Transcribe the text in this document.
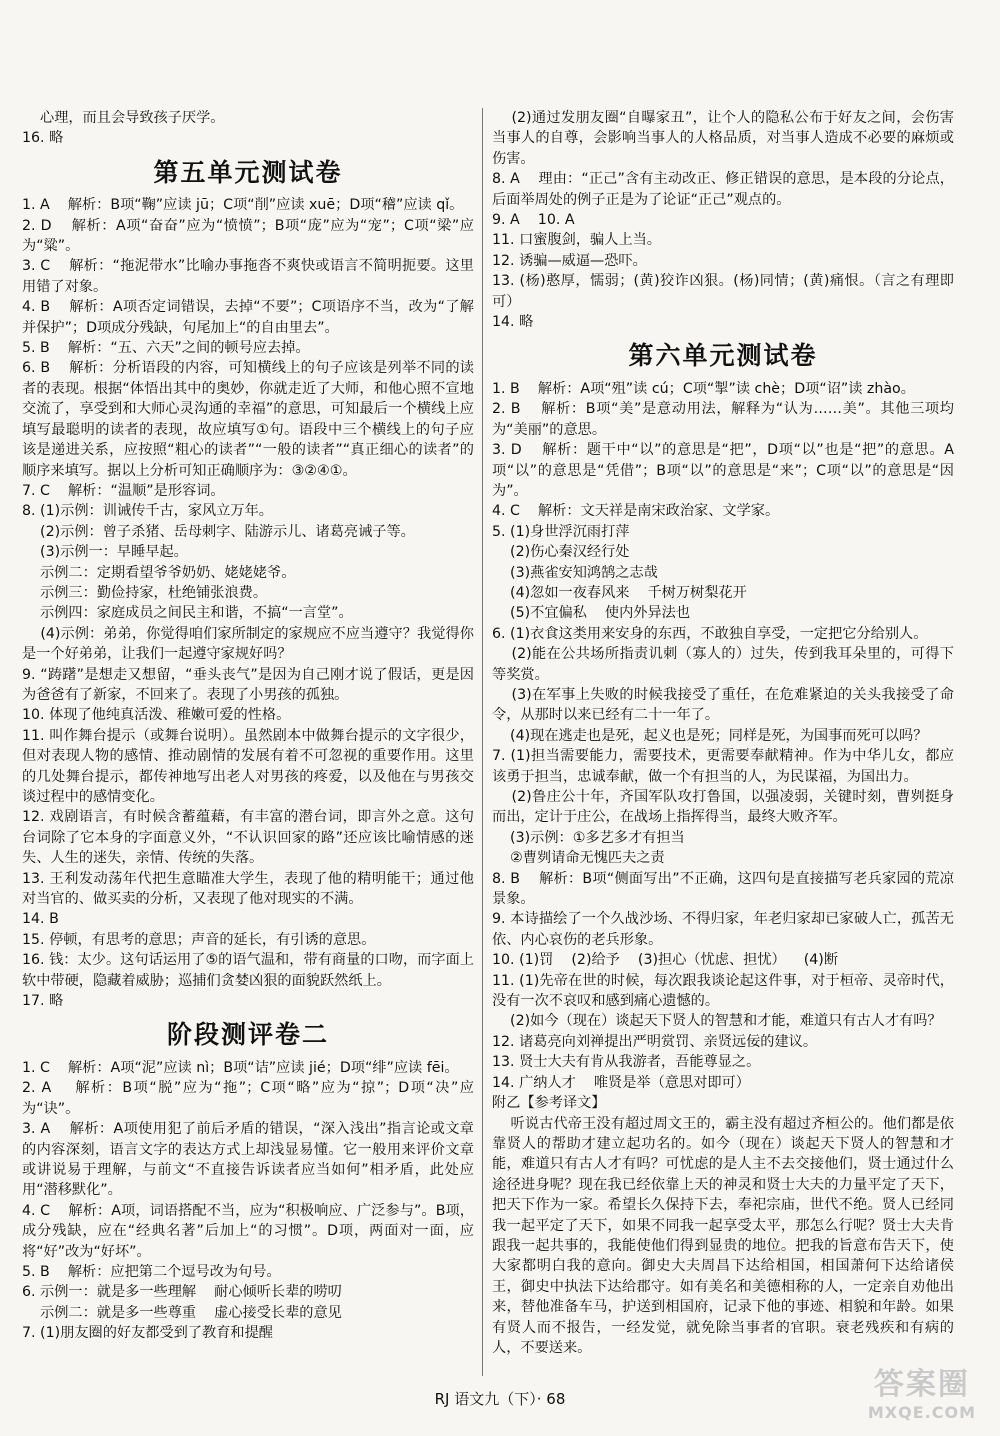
心理，而且会导致孩子厌学。

16. 略

第五单元测试卷

1. A    解析：B项“鞠”应读 jū；C项“削”应读 xuē；D项“稽”应读 qǐ。

2. D    解析：A项“奋奋”应为“愤愤”；B项“庞”应为“宠”；C项“梁”应为“粱”。

3. C    解析：“拖泥带水”比喻办事拖沓不爽快或语言不简明扼要。这里用错了对象。

4. B    解析：A项否定词错误，去掉“不要”；C项语序不当，改为“了解并保护”；D项成分残缺，句尾加上“的自由里去”。

5. B    解析：“五、六天”之间的顿号应去掉。

6. B    解析：分析语段的内容，可知横线上的句子应该是列举不同的读者的表现。根据“体悟出其中的奥妙，你就走近了大师，和他心照不宣地交流了，享受到和大师心灵沟通的幸福”的意思，可知最后一个横线上应填写最聪明的读者的表现，故应填写①句。语段中三个横线上的句子应该是递进关系，应按照“粗心的读者”“一般的读者”“真正细心的读者”的顺序来填写。据以上分析可知正确顺序为：③②④①。

7. C    解析：“温顺”是形容词。

8. (1)示例：训诫传千古，家风立万年。

(2)示例：曾子杀猪、岳母刺字、陆游示儿、诸葛亮诫子等。

(3)示例一：早睡早起。

示例二：定期看望爷爷奶奶、姥姥姥爷。

示例三：勤俭持家，杜绝铺张浪费。

示例四：家庭成员之间民主和谐，不搞“一言堂”。

(4)示例：弟弟，你觉得咱们家所制定的家规应不应当遵守？我觉得你是一个好弟弟，让我们一起遵守家规好吗？

9. “踌躇”是想走又想留，“垂头丧气”是因为自己刚才说了假话，更是因为爸爸有了新家，不回来了。表现了小男孩的孤独。

10. 体现了他纯真活泼、稚嫩可爱的性格。

11. 叫作舞台提示（或舞台说明）。虽然剧本中做舞台提示的文字很少，但对表现人物的感情、推动剧情的发展有着不可忽视的重要作用。这里的几处舞台提示，都传神地写出老人对男孩的疼爱，以及他在与男孩交谈过程中的感情变化。

12. 戏剧语言，有时候含蓄蕴藉，有丰富的潜台词，即言外之意。这句台词除了它本身的字面意义外，“不认识回家的路”还应该比喻情感的迷失、人生的迷失，亲情、传统的失落。

13. 王利发动荡年代把生意瞄准大学生，表现了他的精明能干；通过他对当官的、做买卖的分析，又表现了他对现实的不满。

14. B

15. 停顿，有思考的意思；声音的延长，有引诱的意思。

16. 钱：太少。这句话运用了⑤的语气温和，带有商量的口吻，而字面上软中带硬，隐藏着威胁；巡捕们贪婪凶狠的面貌跃然纸上。

17. 略

阶段测评卷二

1. C    解析：A项“泥”应读 nì；B项“诘”应读 jié；D项“绯”应读 fēi。

2. A    解析：B项“脱”应为“拖”；C项“略”应为“掠”；D项“决”应为“诀”。

3. A    解析：A项使用犯了前后矛盾的错误，“深入浅出”指言论或文章的内容深刻，语言文字的表达方式上却浅显易懂。它一般用来评价文章或讲说易于理解，与前文“不直接告诉读者应当如何”相矛盾，此处应用“潜移默化”。

4. C    解析：A项，词语搭配不当，应为“积极响应、广泛参与”。B项，成分残缺，应在“经典名著”后加上“的习惯”。D项，两面对一面，应将“好”改为“好坏”。

5. B    解析：应把第二个逗号改为句号。

6. 示例一：就是多一些理解    耐心倾听长辈的唠叨

示例二：就是多一些尊重    虚心接受长辈的意见

7. (1)朋友圈的好友都受到了教育和提醒

(2)通过发朋友圈“自曝家丑”，让个人的隐私公布于好友之间，会伤害当事人的自尊，会影响当事人的人格品质，对当事人造成不必要的麻烦或伤害。

8. A    理由：“正己”含有主动改正、修正错误的意思，是本段的分论点，后面举周处的例子正是为了论证“正己”观点的。

9. A    10. A

11. 口蜜腹剑，骗人上当。

12. 诱骗—威逼—恐吓。

13. (杨)憨厚，懦弱；(黄)狡诈凶狠。(杨)同情；(黄)痛恨。（言之有理即可）

14. 略

第六单元测试卷

1. B    解析：A项“殂”读 cú；C项“掣”读 chè；D项“诏”读 zhào。

2. B    解析：B项“美”是意动用法，解释为“认为……美”。其他三项均为“美丽”的意思。

3. D    解析：题干中“以”的意思是“把”，D项“以”也是“把”的意思。A项“以”的意思是“凭借”；B项“以”的意思是“来”；C项“以”的意思是“因为”。

4. C    解析：文天祥是南宋政治家、文学家。

5. (1)身世浮沉雨打萍

(2)伤心秦汉经行处

(3)燕雀安知鸿鹄之志哉

(4)忽如一夜春风来    千树万树梨花开

(5)不宜偏私    使内外异法也

6. (1)衣食这类用来安身的东西，不敢独自享受，一定把它分给别人。

(2)能在公共场所指责讥刺（寡人的）过失，传到我耳朵里的，可得下等奖赏。

(3)在军事上失败的时候我接受了重任，在危难紧迫的关头我接受了命令，从那时以来已经有二十一年了。

(4)现在逃走也是死，起义也是死；同样是死，为国事而死可以吗？

7. (1)担当需要能力，需要技术，更需要奉献精神。作为中华儿女，都应该勇于担当，忠诚奉献，做一个有担当的人，为民谋福，为国出力。

(2)鲁庄公十年，齐国军队攻打鲁国，以强凌弱，关键时刻，曹刿挺身而出，定计于庄公，在战场上指挥得当，最终大败齐军。

(3)示例：①多艺多才有担当

②曹刿请命无愧匹夫之责

8. B    解析：B项“侧面写出”不正确，这四句是直接描写老兵家园的荒凉景象。

9. 本诗描绘了一个久战沙场、不得归家，年老归家却已家破人亡，孤苦无依、内心哀伤的老兵形象。

10. (1)罚    (2)给予    (3)担心（忧虑、担忧）    (4)断

11. (1)先帝在世的时候，每次跟我谈论起这件事，对于桓帝、灵帝时代，没有一次不哀叹和感到痛心遗憾的。

(2)如今（现在）谈起天下贤人的智慧和才能，难道只有古人才有吗？

12. 诸葛亮向刘禅提出严明赏罚、亲贤远佞的建议。

13. 贤士大夫有肯从我游者，吾能尊显之。

14. 广纳人才    唯贤是举（意思对即可）

附乙【参考译文】

听说古代帝王没有超过周文王的，霸主没有超过齐桓公的。他们都是依靠贤人的帮助才建立起功名的。如今（现在）谈起天下贤人的智慧和才能，难道只有古人才有吗？可忧虑的是人主不去交接他们，贤士通过什么途径进身呢？现在我已经依靠上天的神灵和贤士大夫的力量平定了天下，把天下作为一家。希望长久保持下去，奉祀宗庙，世代不绝。贤人已经同我一起平定了天下，如果不同我一起享受太平，那怎么行呢？贤士大夫肯跟我一起共事的，我能使他们得到显贵的地位。把我的旨意布告天下，使大家都明白我的意向。御史大夫周昌下达给相国，相国萧何下达给诸侯王，御史中执法下达给郡守。如有美名和美德相称的人，一定亲自劝他出来，替他准备车马，护送到相国府，记录下他的事迹、相貌和年龄。如果有贤人而不报告，一经发觉，就免除当事者的官职。衰老残疾和有病的人，不要送来。

RJ 语文九（下）· 68	答案圈
MXQE.COM
